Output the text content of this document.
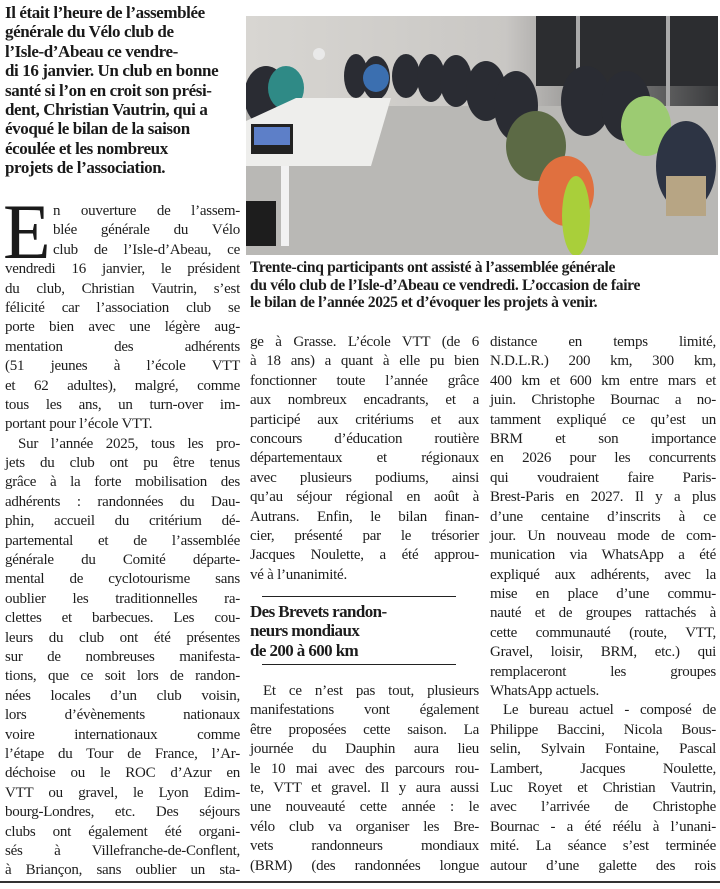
Il était l’heure de l’assemblée
générale du Vélo club de
l’Isle-d’Abeau ce vendre-
di 16 janvier. Un club en bonne
santé si l’on en croit son prési-
dent, Christian Vautrin, qui a
évoqué le bilan de la saison
écoulée et les nombreux
projets de l’association.
E n ouverture de l’assem-
blée générale du Vélo
club de l’Isle-d’Abeau, ce
vendredi 16 janvier, le président
du club, Christian Vautrin, s’est
félicité car l’association club se
porte bien avec une légère aug-
mentation des adhérents
(51 jeunes à l’école VTT
et 62 adultes), malgré, comme
tous les ans, un turn-over im-
portant pour l’école VTT.
Sur l’année 2025, tous les pro-
jets du club ont pu être tenus
grâce à la forte mobilisation des
adhérents : randonnées du Dau-
phin, accueil du critérium dé-
partemental et de l’assemblée
générale du Comité départe-
mental de cyclotourisme sans
oublier les traditionnelles ra-
clettes et barbecues. Les cou-
leurs du club ont été présentes
sur de nombreuses manifesta-
tions, que ce soit lors de randon-
nées locales d’un club voisin,
lors d’évènements nationaux
voire internationaux comme
l’étape du Tour de France, l’Ar-
déchoise ou le ROC d’Azur en
VTT ou gravel, le Lyon Edim-
bourg-Londres, etc. Des séjours
clubs ont également été organi-
sés à Villefranche-de-Conflent,
à Briançon, sans oublier un sta-
Trente-cinq participants ont assisté à l’assemblée générale
du vélo club de l’Isle-d’Abeau ce vendredi. L’occasion de faire
le bilan de l’année 2025 et d’évoquer les projets à venir.
ge à Grasse. L’école VTT (de 6
à 18 ans) a quant à elle pu bien
fonctionner toute l’année grâce
aux nombreux encadrants, et a
participé aux critériums et aux
concours d’éducation routière
départementaux et régionaux
avec plusieurs podiums, ainsi
qu’au séjour régional en août à
Autrans. Enfin, le bilan finan-
cier, présenté par le trésorier
Jacques Noulette, a été approu-
vé à l’unanimité.
Des Brevets randon-
neurs mondiaux
de 200 à 600 km
Et ce n’est pas tout, plusieurs
manifestations vont également
être proposées cette saison. La
journée du Dauphin aura lieu
le 10 mai avec des parcours rou-
te, VTT et gravel. Il y aura aussi
une nouveauté cette année : le
vélo club va organiser les Bre-
vets randonneurs mondiaux
(BRM) (des randonnées longue
distance en temps limité,
N.D.L.R.) 200 km, 300 km,
400 km et 600 km entre mars et
juin. Christophe Bournac a no-
tamment expliqué ce qu’est un
BRM et son importance
en 2026 pour les concurrents
qui voudraient faire Paris-
Brest-Paris en 2027. Il y a plus
d’une centaine d’inscrits à ce
jour. Un nouveau mode de com-
munication via WhatsApp a été
expliqué aux adhérents, avec la
mise en place d’une commu-
nauté et de groupes rattachés à
cette communauté (route, VTT,
Gravel, loisir, BRM, etc.) qui
remplaceront les groupes
WhatsApp actuels.
Le bureau actuel - composé de
Philippe Baccini, Nicola Bous-
selin, Sylvain Fontaine, Pascal
Lambert, Jacques Noulette,
Luc Royet et Christian Vautrin,
avec l’arrivée de Christophe
Bournac - a été réélu à l’unani-
mité. La séance s’est terminée
autour d’une galette des rois
